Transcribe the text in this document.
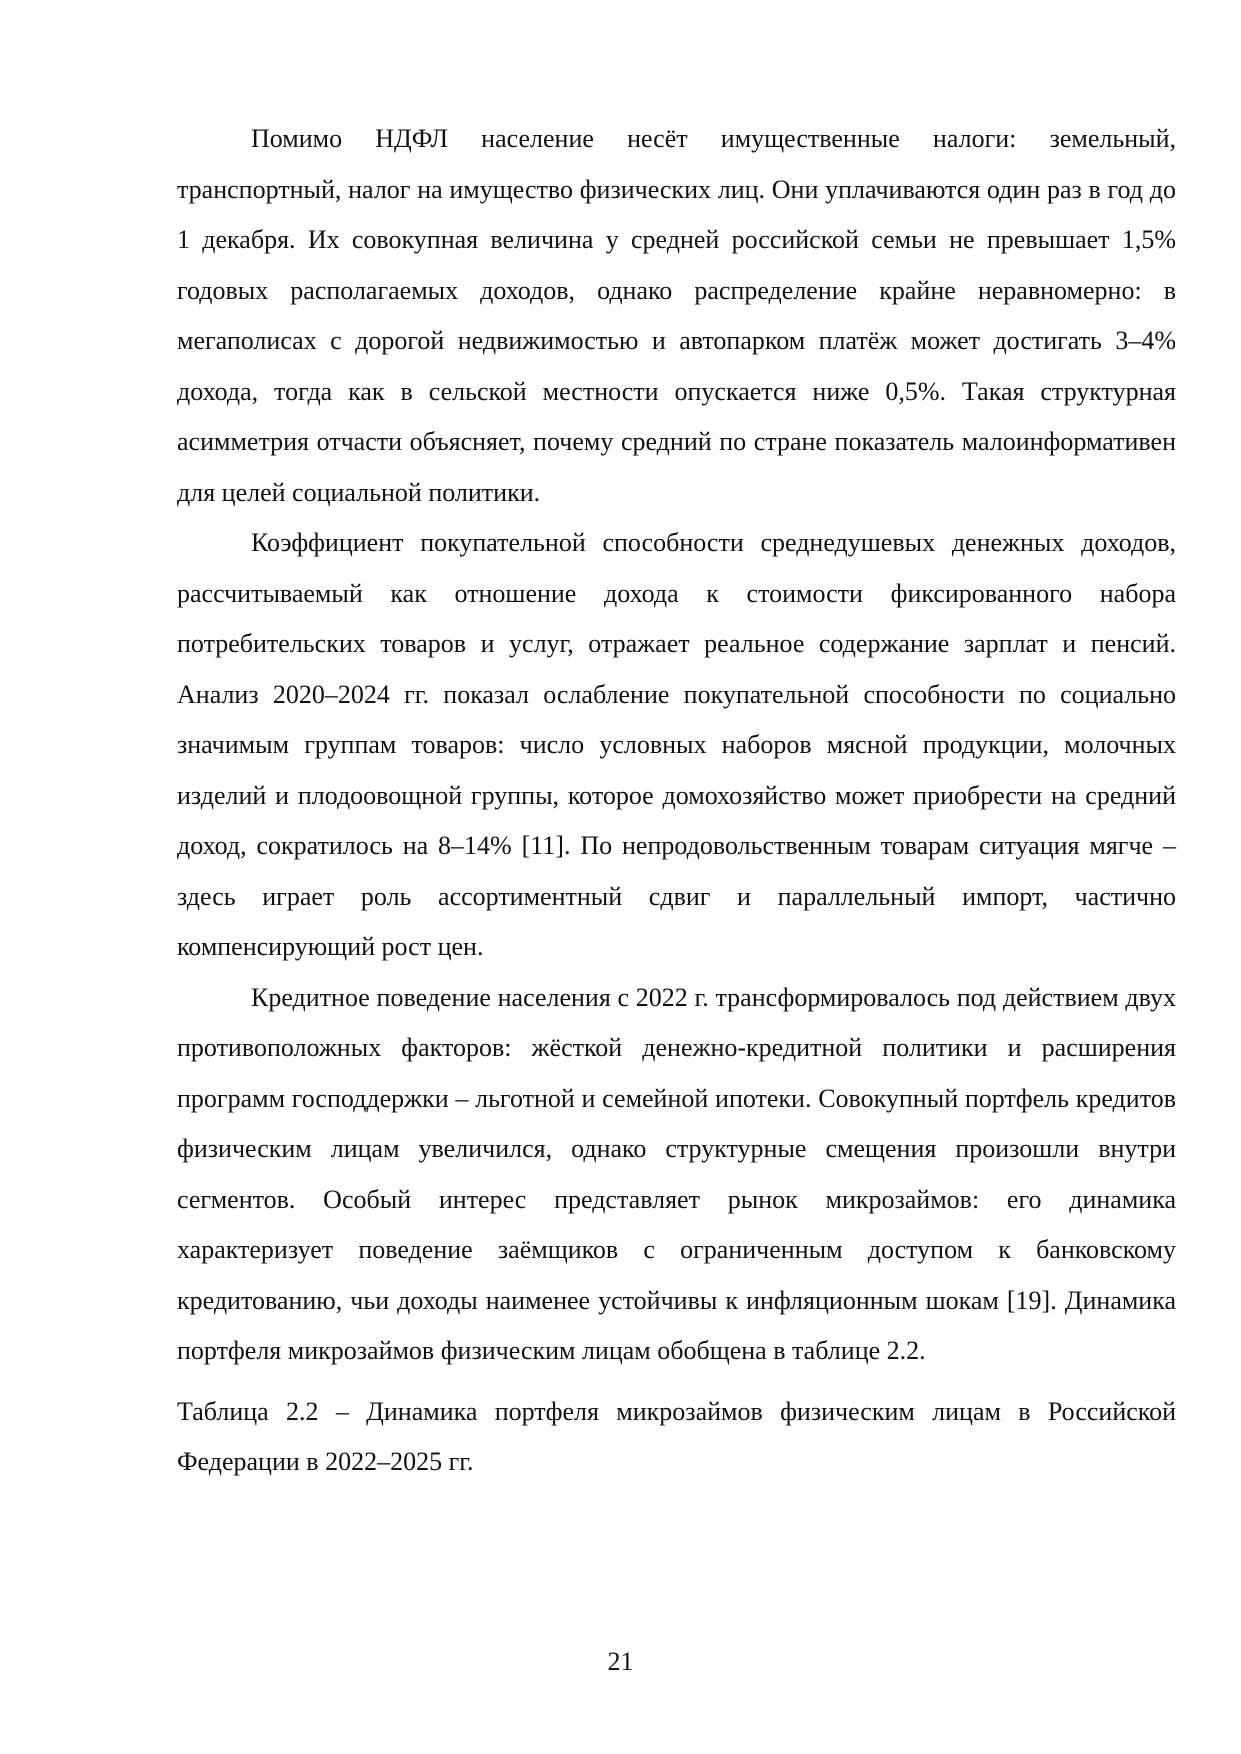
Помимо НДФЛ население несёт имущественные налоги: земельный, транспортный, налог на имущество физических лиц. Они уплачиваются один раз в год до 1 декабря. Их совокупная величина у средней российской семьи не превышает 1,5% годовых располагаемых доходов, однако распределение крайне неравномерно: в мегаполисах с дорогой недвижимостью и автопарком платёж может достигать 3–4% дохода, тогда как в сельской местности опускается ниже 0,5%. Такая структурная асимметрия отчасти объясняет, почему средний по стране показатель малоинформативен для целей социальной политики.

Коэффициент покупательной способности среднедушевых денежных доходов, рассчитываемый как отношение дохода к стоимости фиксированного набора потребительских товаров и услуг, отражает реальное содержание зарплат и пенсий. Анализ 2020–2024 гг. показал ослабление покупательной способности по социально значимым группам товаров: число условных наборов мясной продукции, молочных изделий и плодоовощной группы, которое домохозяйство может приобрести на средний доход, сократилось на 8–14% [11]. По непродовольственным товарам ситуация мягче – здесь играет роль ассортиментный сдвиг и параллельный импорт, частично компенсирующий рост цен.

Кредитное поведение населения с 2022 г. трансформировалось под действием двух противоположных факторов: жёсткой денежно-кредитной политики и расширения программ господдержки – льготной и семейной ипотеки. Совокупный портфель кредитов физическим лицам увеличился, однако структурные смещения произошли внутри сегментов. Особый интерес представляет рынок микрозаймов: его динамика характеризует поведение заёмщиков с ограниченным доступом к банковскому кредитованию, чьи доходы наименее устойчивы к инфляционным шокам [19]. Динамика портфеля микрозаймов физическим лицам обобщена в таблице 2.2.

Таблица 2.2 – Динамика портфеля микрозаймов физическим лицам в Российской Федерации в 2022–2025 гг.

21
